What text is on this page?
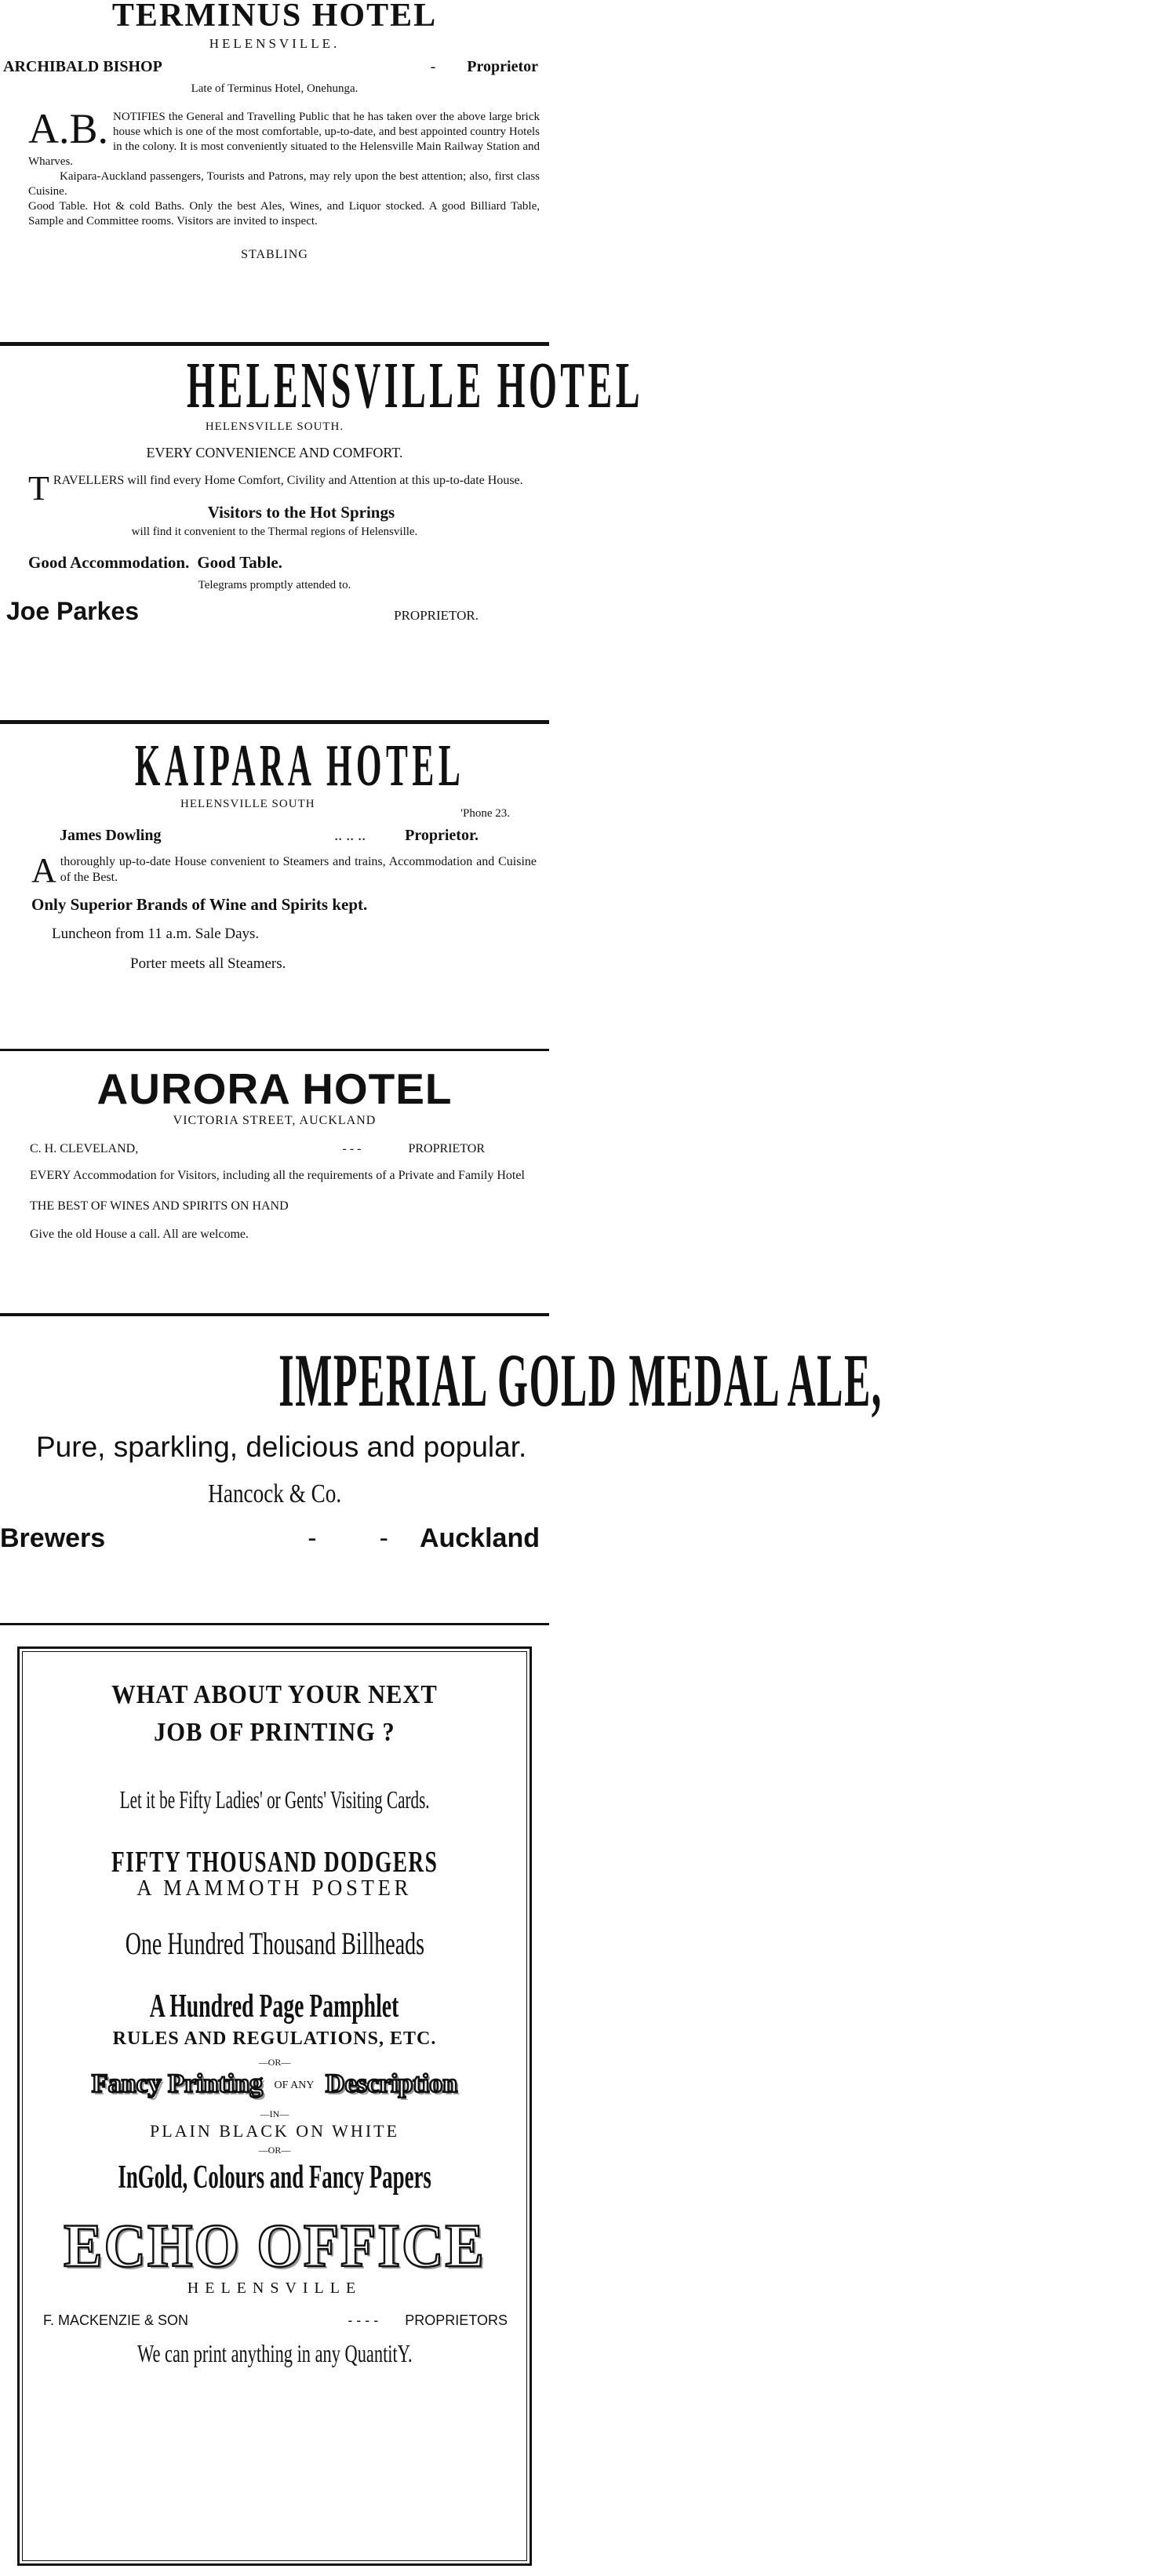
TERMINUS HOTEL
HELENSVILLE.
ARCHIBALD BISHOP	- Proprietor
Late of Terminus Hotel, Onehunga.
A.B. NOTIFIES the General and Travelling Public that he has taken over the above large brick house which is one of the most comfortable, up-to-date, and best appointed country Hotels in the colony. It is most conveniently situated to the Helensville Main Railway Station and Wharves.
Kaipara-Auckland passengers, Tourists and Patrons, may rely upon the best attention; also, first class Cuisine.
Good Table. Hot & cold Baths. Only the best Ales, Wines, and Liquor stocked. A good Billiard Table, Sample and Committee rooms. Visitors are invited to inspect.
STABLING
HELENSVILLE HOTEL
HELENSVILLE SOUTH.
EVERY CONVENIENCE AND COMFORT.
T RAVELLERS will find every Home Comfort, Civility and Attention at this up-to-date House.
Visitors to the Hot Springs
will find it convenient to the Thermal regions of Helensville.
Good Accommodation. Good Table.
Telegrams promptly attended to.
Joe Parkes	PROPRIETOR.
KAIPARA HOTEL
HELENSVILLE SOUTH
'Phone 23.
James Dowling	.. .. ..	Proprietor.
A thoroughly up-to-date House convenient to Steamers and trains, Accommodation and Cuisine of the Best.
Only Superior Brands of Wine and Spirits kept.
Luncheon from 11 a.m. Sale Days.
Porter meets all Steamers.
AURORA HOTEL
VICTORIA STREET, AUCKLAND
C. H. CLEVELAND,	- - -	PROPRIETOR
EVERY Accommodation for Visitors, including all the requirements of a Private and Family Hotel
THE BEST OF WINES AND SPIRITS ON HAND
Give the old House a call. All are welcome.
IMPERIAL GOLD MEDAL ALE,
Pure, sparkling, delicious and popular.
Hancock & Co.
Brewers	- - Auckland
WHAT ABOUT YOUR NEXT
JOB OF PRINTING ?
Let it be Fifty Ladies' or Gents' Visiting Cards.
FIFTY THOUSAND DODGERS
A MAMMOTH POSTER
One Hundred Thousand Billheads
A Hundred Page Pamphlet
RULES AND REGULATIONS, ETC.
—OR—
Fancy Printing OF ANY Description
—IN—
PLAIN BLACK ON WHITE
—OR—
InGold, Colours and Fancy Papers
ECHO OFFICE
HELENSVILLE
F. MACKENZIE & SON	- - - - PROPRIETORS
We can print anything in any QuantitY.
